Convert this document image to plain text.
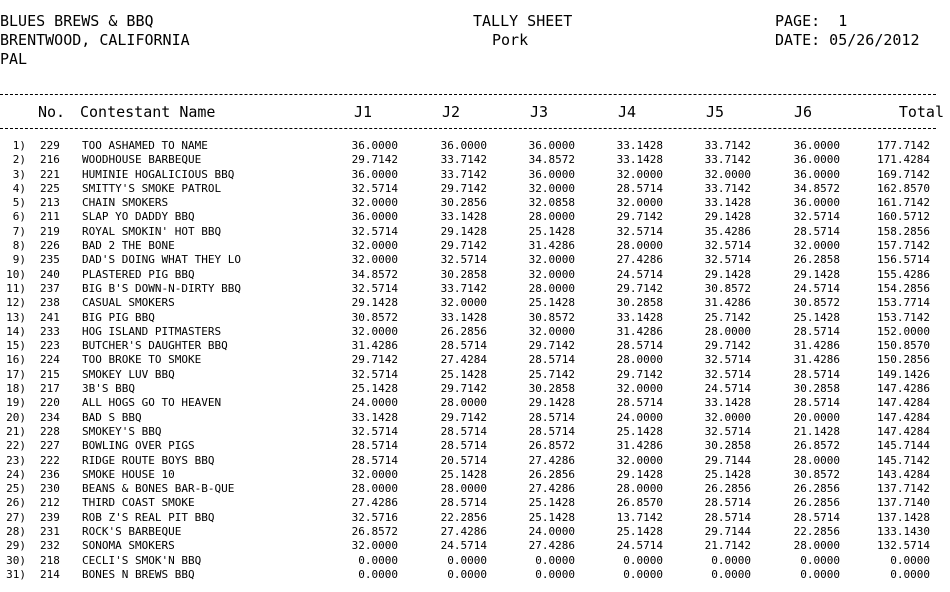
BLUES BREWS & BBQ
BRENTWOOD, CALIFORNIA
PAL
TALLY SHEET
Pork
PAGE:  1
DATE: 05/26/2012
No. Contestant Name	J1	J2	J3	J4	J5	J6	Total
1) 229 TOO ASHAMED TO NAME	36.0000	36.0000	36.0000	33.1428	33.7142	36.0000	177.7142
2) 216 WOODHOUSE BARBEQUE	29.7142	33.7142	34.8572	33.1428	33.7142	36.0000	171.4284
3) 221 HUMINIE HOGALICIOUS BBQ	36.0000	33.7142	36.0000	32.0000	32.0000	36.0000	169.7142
4) 225 SMITTY'S SMOKE PATROL	32.5714	29.7142	32.0000	28.5714	33.7142	34.8572	162.8570
5) 213 CHAIN SMOKERS	32.0000	30.2856	32.0858	32.0000	33.1428	36.0000	161.7142
6) 211 SLAP YO DADDY BBQ	36.0000	33.1428	28.0000	29.7142	29.1428	32.5714	160.5712
7) 219 ROYAL SMOKIN' HOT BBQ	32.5714	29.1428	25.1428	32.5714	35.4286	28.5714	158.2856
8) 226 BAD 2 THE BONE	32.0000	29.7142	31.4286	28.0000	32.5714	32.0000	157.7142
9) 235 DAD'S DOING WHAT THEY LO	32.0000	32.5714	32.0000	27.4286	32.5714	26.2858	156.5714
10) 240 PLASTERED PIG BBQ	34.8572	30.2858	32.0000	24.5714	29.1428	29.1428	155.4286
11) 237 BIG B'S DOWN-N-DIRTY BBQ	32.5714	33.7142	28.0000	29.7142	30.8572	24.5714	154.2856
12) 238 CASUAL SMOKERS	29.1428	32.0000	25.1428	30.2858	31.4286	30.8572	153.7714
13) 241 BIG PIG BBQ	30.8572	33.1428	30.8572	33.1428	25.7142	25.1428	153.7142
14) 233 HOG ISLAND PITMASTERS	32.0000	26.2856	32.0000	31.4286	28.0000	28.5714	152.0000
15) 223 BUTCHER'S DAUGHTER BBQ	31.4286	28.5714	29.7142	28.5714	29.7142	31.4286	150.8570
16) 224 TOO BROKE TO SMOKE	29.7142	27.4284	28.5714	28.0000	32.5714	31.4286	150.2856
17) 215 SMOKEY LUV BBQ	32.5714	25.1428	25.7142	29.7142	32.5714	28.5714	149.1426
18) 217 3B'S BBQ	25.1428	29.7142	30.2858	32.0000	24.5714	30.2858	147.4286
19) 220 ALL HOGS GO TO HEAVEN	24.0000	28.0000	29.1428	28.5714	33.1428	28.5714	147.4284
20) 234 BAD S BBQ	33.1428	29.7142	28.5714	24.0000	32.0000	20.0000	147.4284
21) 228 SMOKEY'S BBQ	32.5714	28.5714	28.5714	25.1428	32.5714	21.1428	147.4284
22) 227 BOWLING OVER PIGS	28.5714	28.5714	26.8572	31.4286	30.2858	26.8572	145.7144
23) 222 RIDGE ROUTE BOYS BBQ	28.5714	20.5714	27.4286	32.0000	29.7144	28.0000	145.7142
24) 236 SMOKE HOUSE 10	32.0000	25.1428	26.2856	29.1428	25.1428	30.8572	143.4284
25) 230 BEANS & BONES BAR-B-QUE	28.0000	28.0000	27.4286	28.0000	26.2856	26.2856	137.7142
26) 212 THIRD COAST SMOKE	27.4286	28.5714	25.1428	26.8570	28.5714	26.2856	137.7140
27) 239 ROB Z'S REAL PIT BBQ	32.5716	22.2856	25.1428	13.7142	28.5714	28.5714	137.1428
28) 231 ROCK'S BARBEQUE	26.8572	27.4286	24.0000	25.1428	29.7144	22.2856	133.1430
29) 232 SONOMA SMOKERS	32.0000	24.5714	27.4286	24.5714	21.7142	28.0000	132.5714
30) 218 CECLI'S SMOK'N BBQ	0.0000	0.0000	0.0000	0.0000	0.0000	0.0000	0.0000
31) 214 BONES N BREWS BBQ	0.0000	0.0000	0.0000	0.0000	0.0000	0.0000	0.0000
